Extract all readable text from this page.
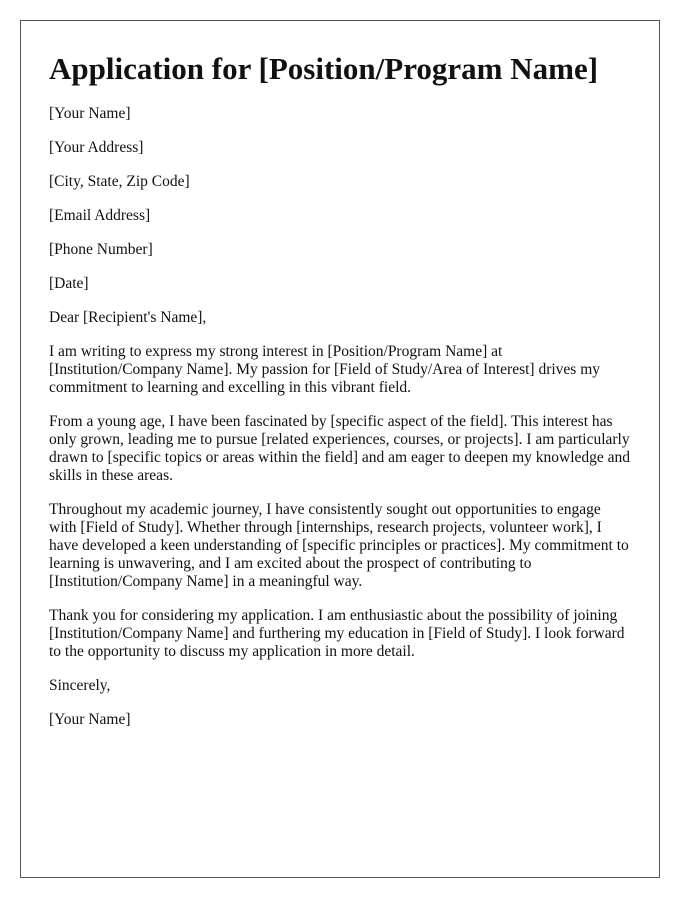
Application for [Position/Program Name]
[Your Name]
[Your Address]
[City, State, Zip Code]
[Email Address]
[Phone Number]
[Date]
Dear [Recipient's Name],

I am writing to express my strong interest in [Position/Program Name] at [Institution/Company Name]. My passion for [Field of Study/Area of Interest] drives my commitment to learning and excelling in this vibrant field.

From a young age, I have been fascinated by [specific aspect of the field]. This interest has only grown, leading me to pursue [related experiences, courses, or projects]. I am particularly drawn to [specific topics or areas within the field] and am eager to deepen my knowledge and skills in these areas.

Throughout my academic journey, I have consistently sought out opportunities to engage with [Field of Study]. Whether through [internships, research projects, volunteer work], I have developed a keen understanding of [specific principles or practices]. My commitment to learning is unwavering, and I am excited about the prospect of contributing to [Institution/Company Name] in a meaningful way.

Thank you for considering my application. I am enthusiastic about the possibility of joining [Institution/Company Name] and furthering my education in [Field of Study]. I look forward to the opportunity to discuss my application in more detail.

Sincerely,
[Your Name]
